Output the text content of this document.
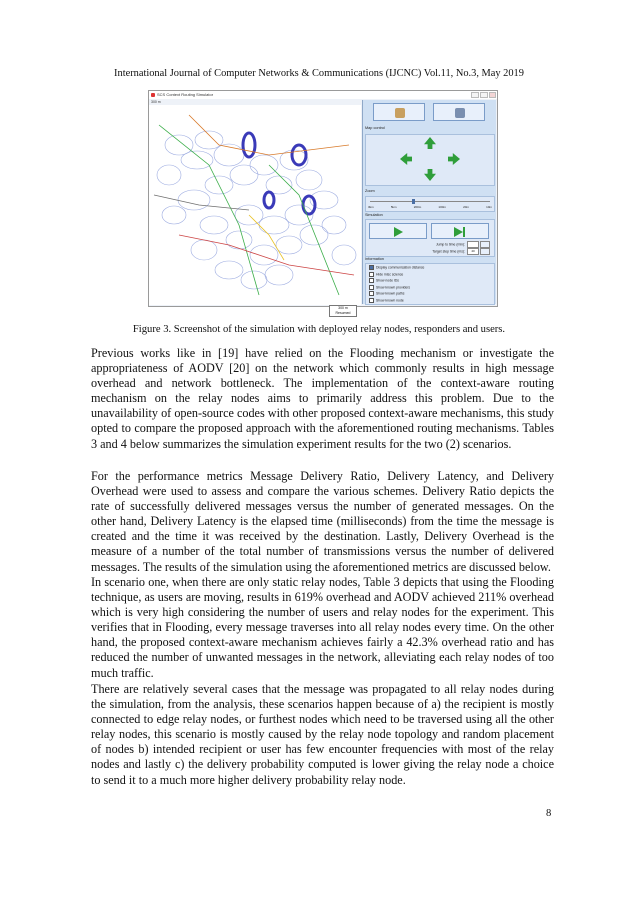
International Journal of Computer Networks & Communications (IJCNC) Vol.11, No.3, May 2019
SCS Context Routing Simulator
300 m
300 m
Resumed
Map control
Zoom
3km	5km	200m	100m	20m	10m
Simulation
Jump to time (min):
Target step time (ms): 40
Information
Display communication distance
Hide misc science
Show node IDs
Show known providers
Show known paths
Show known node
Figure 3. Screenshot of the simulation with deployed relay nodes, responders and users.

Previous works like in [19] have relied on the Flooding mechanism or investigate the appropriateness of AODV [20] on the network which commonly results in high message overhead and network bottleneck. The implementation of the context-aware routing mechanism on the relay nodes aims to primarily address this problem. Due to the unavailability of open-source codes with other proposed context-aware mechanisms, this study opted to compare the proposed approach with the aforementioned routing mechanisms. Tables 3 and 4 below summarizes the simulation experiment results for the two (2) scenarios.

For the performance metrics Message Delivery Ratio, Delivery Latency, and Delivery Overhead were used to assess and compare the various schemes. Delivery Ratio depicts the rate of successfully delivered messages versus the number of generated messages. On the other hand, Delivery Latency is the elapsed time (milliseconds) from the time the message is created and the time it was received by the destination. Lastly, Delivery Overhead is the measure of a number of the total number of transmissions versus the number of delivered messages. The results of the simulation using the aforementioned metrics are discussed below.

In scenario one, when there are only static relay nodes, Table 3 depicts that using the Flooding technique, as users are moving, results in 619% overhead and AODV achieved 211% overhead which is very high considering the number of users and relay nodes for the experiment. This verifies that in Flooding, every message traverses into all relay nodes every time. On the other hand, the proposed context-aware mechanism achieves fairly a 42.3% overhead ratio and has reduced the number of unwanted messages in the network, alleviating each relay nodes of too much traffic.

There are relatively several cases that the message was propagated to all relay nodes during the simulation, from the analysis, these scenarios happen because of a) the recipient is mostly connected to edge relay nodes, or furthest nodes which need to be traversed using all the other relay nodes, this scenario is mostly caused by the relay node topology and random placement of nodes b) intended recipient or user has few encounter frequencies with most of the relay nodes and lastly c) the delivery probability computed is lower giving the relay node a choice to send it to a much more higher delivery probability relay node.

8
